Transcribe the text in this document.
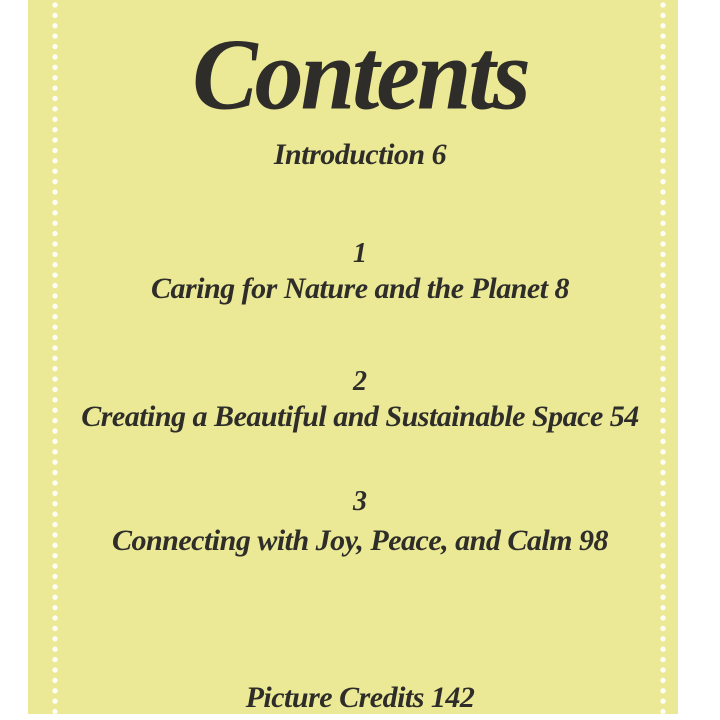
Contents
Introduction 6
1
Caring for Nature and the Planet 8
2
Creating a Beautiful and Sustainable Space 54
3
Connecting with Joy, Peace, and Calm 98
Picture Credits 142
